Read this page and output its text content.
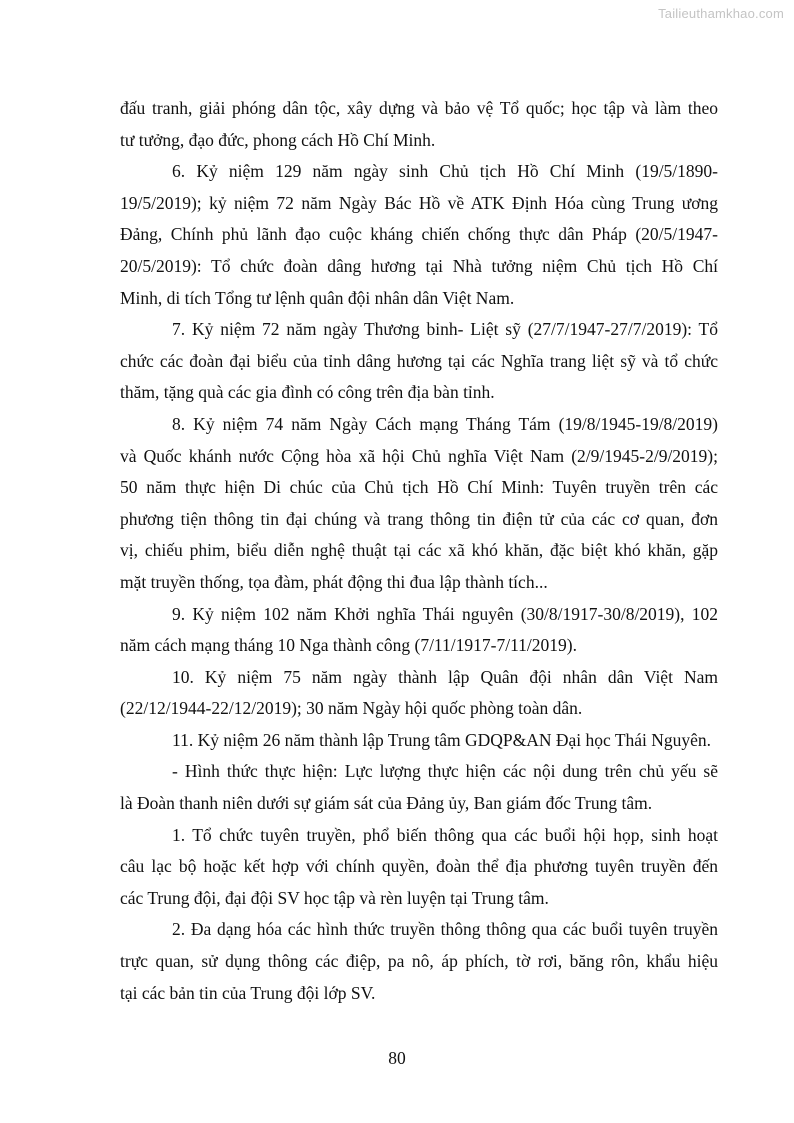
Tailieuthamkhao.com
đấu tranh, giải phóng dân tộc, xây dựng và bảo vệ Tổ quốc; học tập và làm theo
tư tưởng, đạo đức, phong cách Hồ Chí Minh.
6. Kỷ niệm 129 năm ngày sinh Chủ tịch Hồ Chí Minh (19/5/1890-
19/5/2019); kỷ niệm 72 năm Ngày Bác Hồ về ATK Định Hóa cùng Trung ương
Đảng, Chính phủ lãnh đạo cuộc kháng chiến chống thực dân Pháp (20/5/1947-
20/5/2019): Tổ chức đoàn dâng hương tại Nhà tưởng niệm Chủ tịch Hồ Chí
Minh, di tích Tổng tư lệnh quân đội nhân dân Việt Nam.
7. Kỷ niệm 72 năm ngày Thương binh- Liệt sỹ (27/7/1947-27/7/2019): Tổ
chức các đoàn đại biểu của tỉnh dâng hương tại các Nghĩa trang liệt sỹ và tổ chức
thăm, tặng quà các gia đình có công trên địa bàn tỉnh.
8. Kỷ niệm 74 năm Ngày Cách mạng Tháng Tám (19/8/1945-19/8/2019)
và Quốc khánh nước Cộng hòa xã hội Chủ nghĩa Việt Nam (2/9/1945-2/9/2019);
50 năm thực hiện Di chúc của Chủ tịch Hồ Chí Minh: Tuyên truyền trên các
phương tiện thông tin đại chúng và trang thông tin điện tử của các cơ quan, đơn
vị, chiếu phim, biểu diễn nghệ thuật tại các xã khó khăn, đặc biệt khó khăn, gặp
mặt truyền thống, tọa đàm, phát động thi đua lập thành tích...
9. Kỷ niệm 102 năm Khởi nghĩa Thái nguyên (30/8/1917-30/8/2019), 102
năm cách mạng tháng 10 Nga thành công (7/11/1917-7/11/2019).
10. Kỷ niệm 75 năm ngày thành lập Quân đội nhân dân Việt Nam
(22/12/1944-22/12/2019); 30 năm Ngày hội quốc phòng toàn dân.
11. Kỷ niệm 26 năm thành lập Trung tâm GDQP&AN Đại học Thái Nguyên.
- Hình thức thực hiện: Lực lượng thực hiện các nội dung trên chủ yếu sẽ
là Đoàn thanh niên dưới sự giám sát của Đảng ủy, Ban giám đốc Trung tâm.
1. Tổ chức tuyên truyền, phổ biến thông qua các buổi hội họp, sinh hoạt
câu lạc bộ hoặc kết hợp với chính quyền, đoàn thể địa phương tuyên truyền đến
các Trung đội, đại đội SV học tập và rèn luyện tại Trung tâm.
2. Đa dạng hóa các hình thức truyền thông thông qua các buổi tuyên truyền
trực quan, sử dụng thông các điệp, pa nô, áp phích, tờ rơi, băng rôn, khẩu hiệu
tại các bản tin của Trung đội lớp SV.
80
